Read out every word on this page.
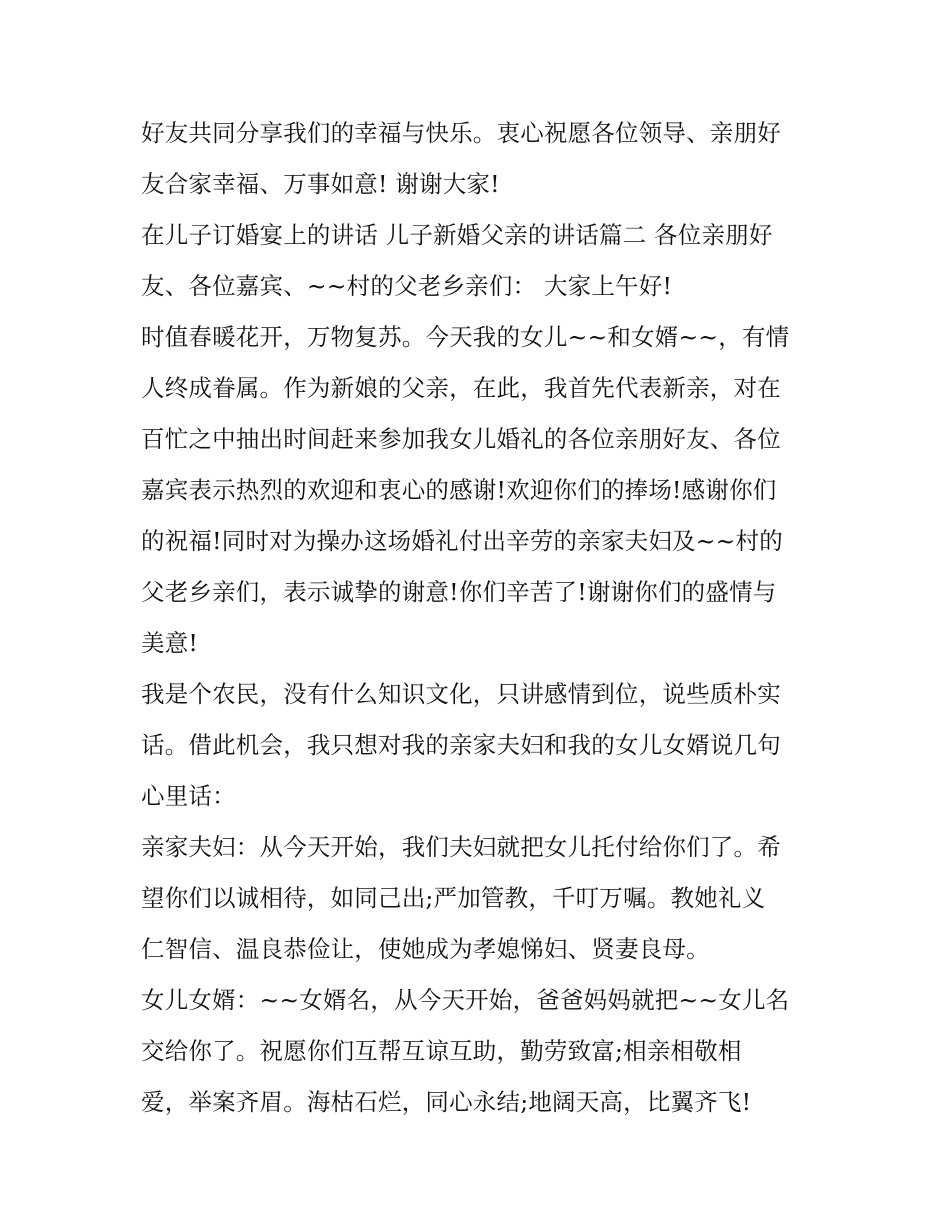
好友共同分享我们的幸福与快乐。衷心祝愿各位领导、亲朋好
友合家幸福、万事如意! 谢谢大家!
在儿子订婚宴上的讲话 儿子新婚父亲的讲话篇二 各位亲朋好
友、各位嘉宾、~~村的父老乡亲们： 大家上午好!
时值春暖花开，万物复苏。今天我的女儿~~和女婿~~，有情
人终成眷属。作为新娘的父亲，在此，我首先代表新亲，对在
百忙之中抽出时间赶来参加我女儿婚礼的各位亲朋好友、各位
嘉宾表示热烈的欢迎和衷心的感谢!欢迎你们的捧场!感谢你们
的祝福!同时对为操办这场婚礼付出辛劳的亲家夫妇及~~村的
父老乡亲们，表示诚挚的谢意!你们辛苦了!谢谢你们的盛情与
美意!
我是个农民，没有什么知识文化，只讲感情到位，说些质朴实
话。借此机会，我只想对我的亲家夫妇和我的女儿女婿说几句
心里话：
亲家夫妇：从今天开始，我们夫妇就把女儿托付给你们了。希
望你们以诚相待，如同己出;严加管教，千叮万嘱。教她礼义
仁智信、温良恭俭让，使她成为孝媳悌妇、贤妻良母。
女儿女婿：~~女婿名，从今天开始，爸爸妈妈就把~~女儿名
交给你了。祝愿你们互帮互谅互助，勤劳致富;相亲相敬相
爱，举案齐眉。海枯石烂，同心永结;地阔天高，比翼齐飞!
